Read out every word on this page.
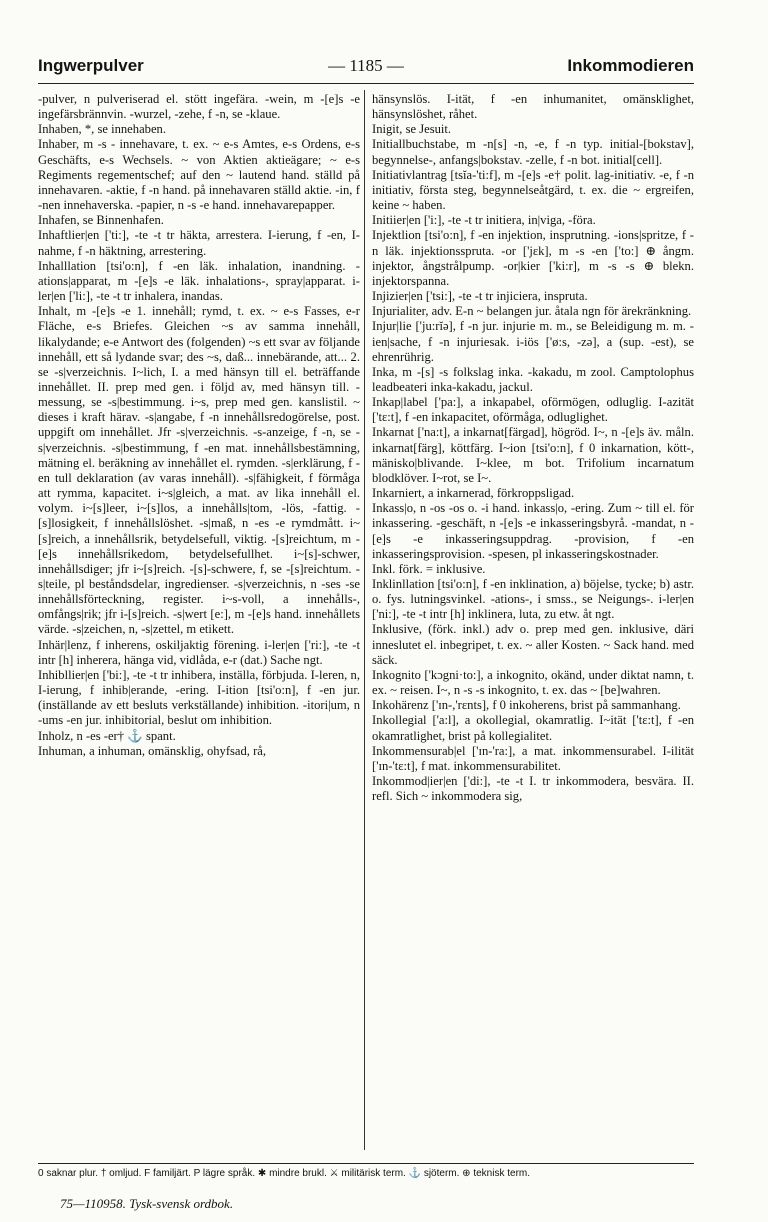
— 1185 —
Ingwerpulver	Inkommodieren

-pulver, n pulveriserad el. stött ingefära. -wein, m -[e]s -e ingefärsbrännvin. -wurzel, -zehe, f -n, se -klaue.

Inhaben, *, se innehaben.

Inhaber, m -s - innehavare, t. ex. ~ e-s Amtes, e-s Ordens, e-s Geschäfts, e-s Wechsels. ~ von Aktien aktieägare; ~ e-s Regiments regementschef; auf den ~ lautend hand. ställd på innehavaren. -aktie, f -n hand. på innehavaren ställd aktie. -in, f -nen innehaverska. -papier, n -s -e hand. innehavarepapper.

Inhafen, se Binnenhafen.

Inhaftlier|en ['ti:], -te -t tr häkta, arrestera. I-ierung, f -en, I-nahme, f -n häktning, arrestering.

Inhalllation [tsi'o:n], f -en läk. inhalation, inandning. -ations|apparat, m -[e]s -e läk. inhalations-, spray|apparat. i-ler|en ['li:], -te -t tr inhalera, inandas.

Inhalt, m -[e]s -e 1. innehåll; rymd, t. ex. ~ e-s Fasses, e-r Fläche, e-s Briefes. Gleichen ~s av samma innehåll, likalydande; e-e Antwort des (folgenden) ~s ett svar av följande innehåll, ett så lydande svar; des ~s, daß... innebärande, att... 2. se -s|verzeichnis. I~lich, I. a med hänsyn till el. beträffande innehållet. II. prep med gen. i följd av, med hänsyn till. -messung, se -s|bestimmung. i~s, prep med gen. kanslistil. ~ dieses i kraft härav. -s|angabe, f -n innehållsredogörelse, post. uppgift om innehållet. Jfr -s|verzeichnis. -s-anzeige, f -n, se -s|verzeichnis. -s|bestimmung, f -en mat. innehållsbestämning, mätning el. beräkning av innehållet el. rymden. -s|erklärung, f -en tull deklaration (av varas innehåll). -s|fähigkeit, f förmåga att rymma, kapacitet. i~s|gleich, a mat. av lika innehåll el. volym. i~[s]leer, i~[s]los, a innehålls|tom, -lös, -fattig. -[s]losigkeit, f innehållslöshet. -s|maß, n -es -e rymdmått. i~[s]reich, a innehållsrik, betydelsefull, viktig. -[s]reichtum, m -[e]s innehållsrikedom, betydelsefullhet. i~[s]-schwer, innehållsdiger; jfr i~[s]reich. -[s]-schwere, f, se -[s]reichtum. -s|teile, pl beståndsdelar, ingredienser. -s|verzeichnis, n -ses -se innehållsförteckning, register. i~s-voll, a innehålls-, omfångs|rik; jfr i-[s]reich. -s|wert [e:], m -[e]s hand. innehållets värde. -s|zeichen, n, -s|zettel, m etikett.

Inhär|lenz, f inherens, oskiljaktig förening. i-ler|en ['ri:], -te -t intr [h] inherera, hänga vid, vidlåda, e-r (dat.) Sache ngt.

Inhibllier|en ['bi:], -te -t tr inhibera, inställa, förbjuda. I-leren, n, I-ierung, f inhib|erande, -ering. I-ition [tsi'o:n], f -en jur. (inställande av ett besluts verkställande) inhibition. -itori|um, n -ums -en jur. inhibitorial, beslut om inhibition.

Inholz, n -es -er† ⚓ spant.

Inhuman, a inhuman, omänsklig, ohyfsad, rå,

hänsynslös. I-ität, f -en inhumanitet, omänsklighet, hänsynslöshet, råhet.

Inigit, se Jesuit.

Initiallbuchstabe, m -n[s] -n, -e, f -n typ. initial-[bokstav], begynnelse-, anfangs|bokstav. -zelle, f -n bot. initial[cell].

Initiativlantrag [tsĭa-'ti:f], m -[e]s -e† polit. lag-initiativ. -e, f -n initiativ, första steg, begynnelseåtgärd, t. ex. die ~ ergreifen, keine ~ haben.

Initiier|en ['i:], -te -t tr initiera, in|viga, -föra.

Injektlion [tsi'o:n], f -en injektion, insprutning. -ions|spritze, f -n läk. injektionsspruta. -or ['jɛk], m -s -en ['to:] ⊕ ångm. injektor, ångstrålpump. -or|kier ['ki:r], m -s -s ⊕ blekn. injektorspanna.

Injizier|en ['tsi:], -te -t tr injiciera, inspruta.

Injurialiter, adv. E-n ~ belangen jur. åtala ngn för ärekränkning.

Injur|lie ['ju:rĭə], f -n jur. injurie m. m., se Beleidigung m. m. -ien|sache, f -n injuriesak. i-iös ['ø:s, -zə], a (sup. -est), se ehrenrührig.

Inka, m -[s] -s folkslag inka. -kakadu, m zool. Camptolophus leadbeateri inka-kakadu, jackul.

Inkap|label ['pa:], a inkapabel, oförmögen, odluglig. I-azität ['tɛ:t], f -en inkapacitet, oförmåga, odluglighet.

Inkarnat ['na:t], a inkarnat[färgad], högröd. I~, n -[e]s äv. måln. inkarnat[färg], köttfärg. I~ion [tsi'o:n], f 0 inkarnation, kött-, mänisko|blivande. I~klee, m bot. Trifolium incarnatum blodklöver. I~rot, se I~.

Inkarniert, a inkarnerad, förkroppsligad.

Inkass|o, n -os -os o. -i hand. inkass|o, -ering. Zum ~ till el. för inkassering. -geschäft, n -[e]s -e inkasseringsbyrå. -mandat, n -[e]s -e inkasseringsuppdrag. -provision, f -en inkasseringsprovision. -spesen, pl inkasseringskostnader.

Inkl. förk. = inklusive.

Inklinllation [tsi'o:n], f -en inklination, a) böjelse, tycke; b) astr. o. fys. lutningsvinkel. -ations-, i smss., se Neigungs-. i-ler|en ['ni:], -te -t intr [h] inklinera, luta, zu etw. åt ngt.

Inklusive, (förk. inkl.) adv o. prep med gen. inklusive, däri inneslutet el. inbegripet, t. ex. ~ aller Kosten. ~ Sack hand. med säck.

Inkognito ['kɔgni·to:], a inkognito, okänd, under diktat namn, t. ex. ~ reisen. I~, n -s -s inkognito, t. ex. das ~ [be]wahren.

Inkohärenz ['ɪn-,'rɛnts], f 0 inkoherens, brist på sammanhang.

Inkollegial ['a:l], a okollegial, okamratlig. I~ität ['tɛ:t], f -en okamratlighet, brist på kollegialitet.

Inkommensurab|el ['ɪn-'ra:], a mat. inkommensurabel. I-ilität ['ɪn-'tɛ:t], f mat. inkommensurabilitet.

Inkommod|ier|en ['di:], -te -t I. tr inkommodera, besvära. II. refl. Sich ~ inkommodera sig,

0 saknar plur. † omljud. F familjärt. P lägre språk. ✱ mindre brukl. ⚔ militärisk term. ⚓ sjöterm. ⊕ teknisk term.
75—110958. Tysk-svensk ordbok.
